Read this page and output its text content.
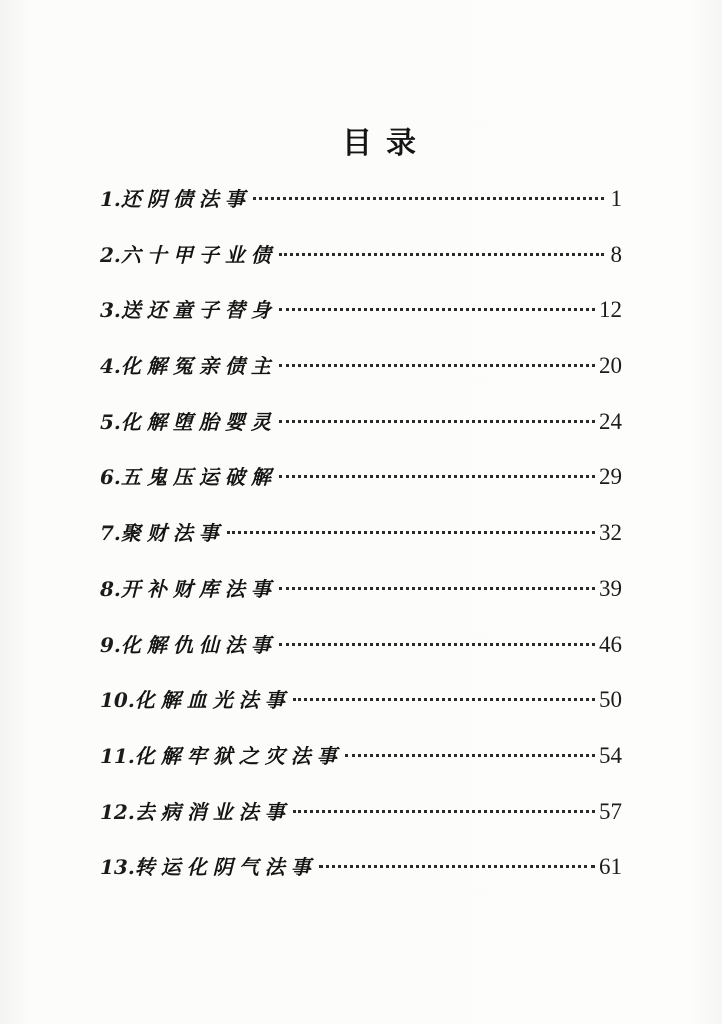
目录
1. 还阴债法事	1
2. 六十甲子业债	8
3. 送还童子替身	12
4. 化解冤亲债主	20
5. 化解堕胎婴灵	24
6. 五鬼压运破解	29
7. 聚财法事	32
8. 开补财库法事	39
9. 化解仇仙法事	46
10. 化解血光法事	50
11. 化解牢狱之灾法事	54
12. 去病消业法事	57
13. 转运化阴气法事	61
